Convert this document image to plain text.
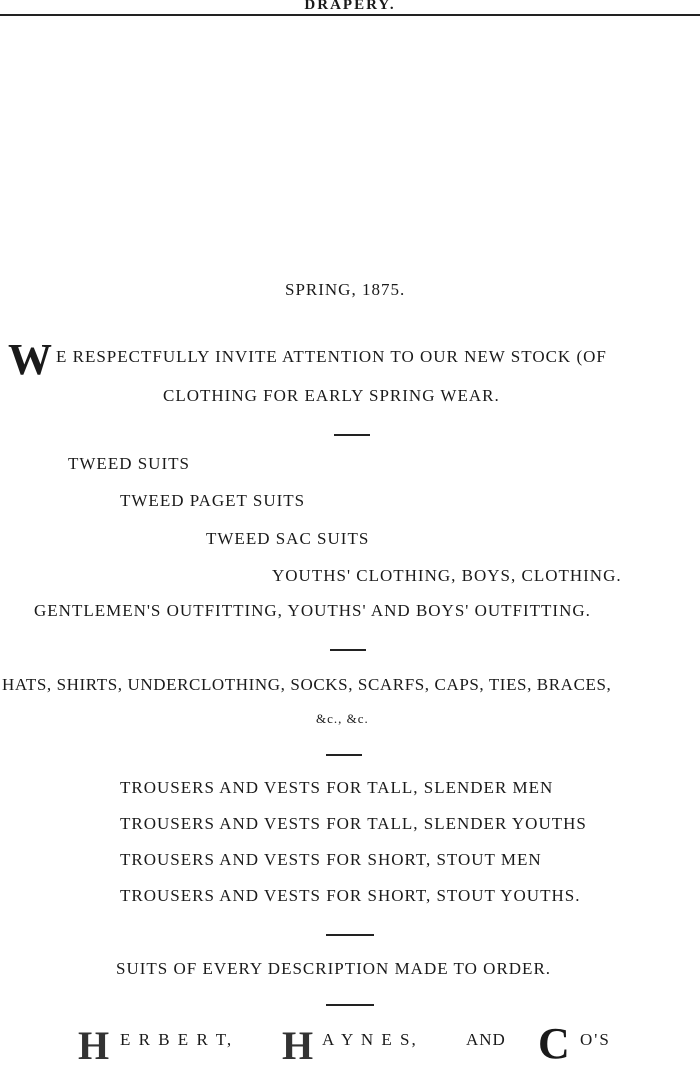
DRAPERY.
SPRING, 1875.
W E RESPECTFULLY INVITE ATTENTION TO OUR NEW STOCK (OF
CLOTHING FOR EARLY SPRING WEAR.
TWEED SUITS
TWEED PAGET SUITS
TWEED SAC SUITS
YOUTHS' CLOTHING, BOYS, CLOTHING.
GENTLEMEN'S OUTFITTING, YOUTHS' AND BOYS' OUTFITTING.
HATS, SHIRTS, UNDERCLOTHING, SOCKS, SCARFS, CAPS, TIES, BRACES,
&c., &c.
TROUSERS AND VESTS FOR TALL, SLENDER MEN
TROUSERS AND VESTS FOR TALL, SLENDER YOUTHS
TROUSERS AND VESTS FOR SHORT, STOUT MEN
TROUSERS AND VESTS FOR SHORT, STOUT YOUTHS.
SUITS OF EVERY DESCRIPTION MADE TO ORDER.
H E R B E R T, H A Y N E S,	AND C O'S
